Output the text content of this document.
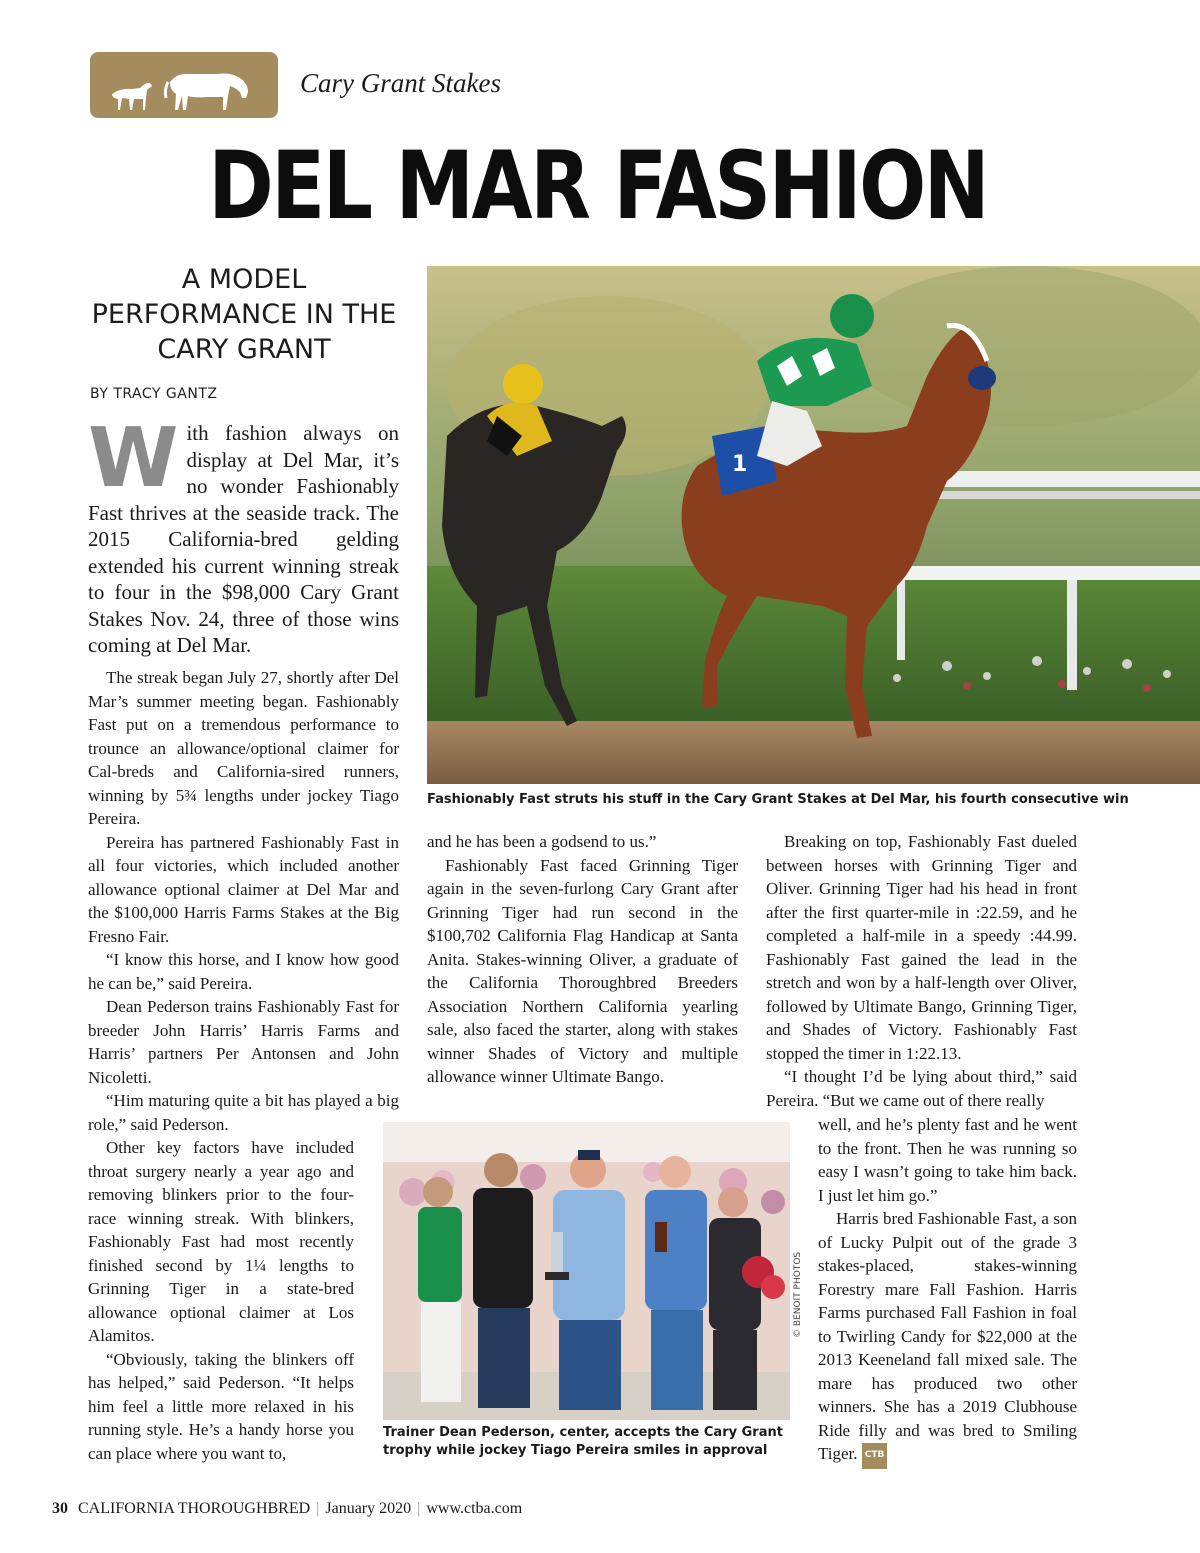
Cary Grant Stakes
DEL MAR FASHION
A MODEL PERFORMANCE IN THE CARY GRANT
BY TRACY GANTZ
With fashion always on display at Del Mar, it’s no wonder Fashionably Fast thrives at the seaside track. The 2015 California-bred gelding extended his current winning streak to four in the $98,000 Cary Grant Stakes Nov. 24, three of those wins coming at Del Mar.

The streak began July 27, shortly after Del Mar’s summer meeting began. Fashionably Fast put on a tremendous performance to trounce an allowance/optional claimer for Cal-breds and California-sired runners, winning by 5¾ lengths under jockey Tiago Pereira.

Pereira has partnered Fashionably Fast in all four victories, which included another allowance optional claimer at Del Mar and the $100,000 Harris Farms Stakes at the Big Fresno Fair.

“I know this horse, and I know how good he can be,” said Pereira.

Dean Pederson trains Fashionably Fast for breeder John Harris’ Harris Farms and Harris’ partners Per Antonsen and John Nicoletti.

“Him maturing quite a bit has played a big role,” said Pederson.

Other key factors have included throat surgery nearly a year ago and removing blinkers prior to the four-race winning streak. With blinkers, Fashionably Fast had most recently finished second by 1¼ lengths to Grinning Tiger in a state-bred allowance optional claimer at Los Alamitos.

“Obviously, taking the blinkers off has helped,” said Pederson. “It helps him feel a little more relaxed in his running style. He’s a handy horse you can place where you want to,

and he has been a godsend to us.”

Fashionably Fast faced Grinning Tiger again in the seven-furlong Cary Grant after Grinning Tiger had run second in the $100,702 California Flag Handicap at Santa Anita. Stakes-winning Oliver, a graduate of the California Thoroughbred Breeders Association Northern California yearling sale, also faced the starter, along with stakes winner Shades of Victory and multiple allowance winner Ultimate Bango.

Breaking on top, Fashionably Fast dueled between horses with Grinning Tiger and Oliver. Grinning Tiger had his head in front after the first quarter-mile in :22.59, and he completed a half-mile in a speedy :44.99. Fashionably Fast gained the lead in the stretch and won by a half-length over Oliver, followed by Ultimate Bango, Grinning Tiger, and Shades of Victory. Fashionably Fast stopped the timer in 1:22.13.

“I thought I’d be lying about third,” said Pereira. “But we came out of there really

well, and he’s plenty fast and he went to the front. Then he was running so easy I wasn’t going to take him back. I just let him go.”

Harris bred Fashionable Fast, a son of Lucky Pulpit out of the grade 3 stakes-placed, stakes-winning Forestry mare Fall Fashion. Harris Farms purchased Fall Fashion in foal to Twirling Candy for $22,000 at the 2013 Keeneland fall mixed sale. The mare has produced two other winners. She has a 2019 Clubhouse Ride filly and was bred to Smiling Tiger. CTB

1
Fashionably Fast struts his stuff in the Cary Grant Stakes at Del Mar, his fourth consecutive win
© BENOIT PHOTOS
Trainer Dean Pederson, center, accepts the Cary Grant trophy while jockey Tiago Pereira smiles in approval
30 CALIFORNIA THOROUGHBRED | January 2020 | www.ctba.com
